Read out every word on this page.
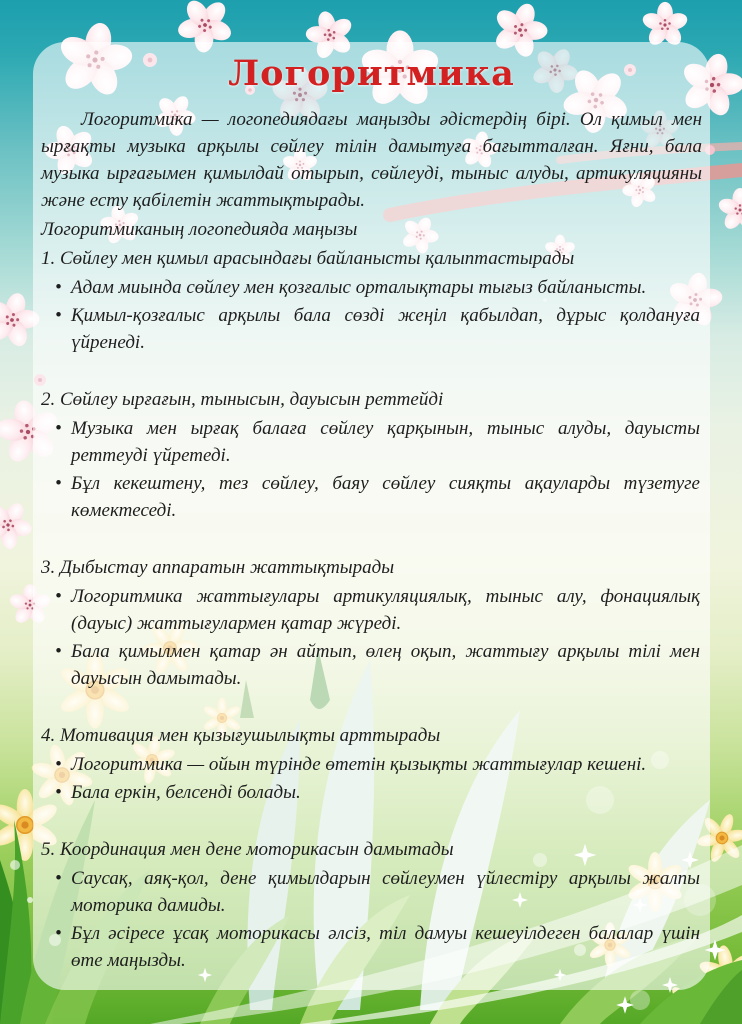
Логоритмика

Логоритмика — логопедиядағы маңызды әдістердің бірі. Ол қимыл мен ырғақты музыка арқылы сөйлеу тілін дамытуға бағытталған. Яғни, бала музыка ырғағымен қимылдай отырып, сөйлеуді, тыныс алуды, артикуляцияны және есту қабілетін жаттықтырады.

Логоритмиканың логопедияда маңызы

1. Сөйлеу мен қимыл арасындағы байланысты қалыптастырады

• Адам миында сөйлеу мен қозғалыс орталықтары тығыз байланысты.
• Қимыл-қозғалыс арқылы бала сөзді жеңіл қабылдап, дұрыс қолдануға үйренеді.

2. Сөйлеу ырғағын, тынысын, дауысын реттейді

• Музыка мен ырғақ балаға сөйлеу қарқынын, тыныс алуды, дауысты реттеуді үйретеді.
• Бұл кекештену, тез сөйлеу, баяу сөйлеу сияқты ақауларды түзетуге көмектеседі.

3. Дыбыстау аппаратын жаттықтырады

• Логоритмика жаттығулары артикуляциялық, тыныс алу, фонациялық (дауыс) жаттығулармен қатар жүреді.
• Бала қимылмен қатар ән айтып, өлең оқып, жаттығу арқылы тілі мен дауысын дамытады.

4. Мотивация мен қызығушылықты арттырады

• Логоритмика — ойын түрінде өтетін қызықты жаттығулар кешені.
• Бала еркін, белсенді болады.

5. Координация мен дене моторикасын дамытады

• Саусақ, аяқ-қол, дене қимылдарын сөйлеумен үйлестіру арқылы жалпы моторика дамиды.
• Бұл әсіресе ұсақ моторикасы әлсіз, тіл дамуы кешеуілдеген балалар үшін өте маңызды.
